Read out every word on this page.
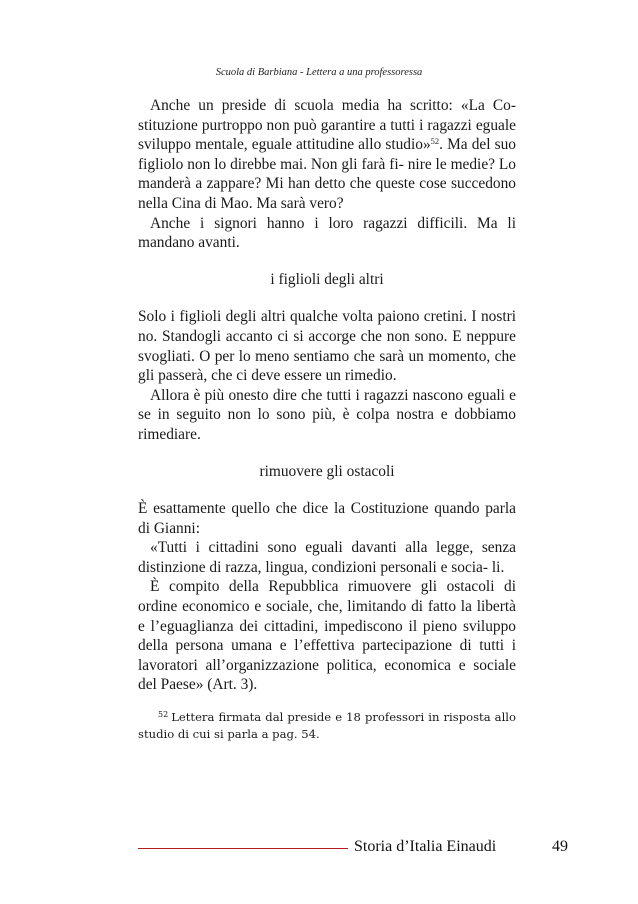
Scuola di Barbiana - Lettera a una professoressa
Anche un preside di scuola media ha scritto: «La Co- stituzione purtroppo non può garantire a tutti i ragazzi eguale sviluppo mentale, eguale attitudine allo studio»$^{52}$. Ma del suo figliolo non lo direbbe mai. Non gli farà fi- nire le medie? Lo manderà a zappare? Mi han detto che queste cose succedono nella Cina di Mao. Ma sarà vero?
Anche i signori hanno i loro ragazzi difficili. Ma li mandano avanti.
i figlioli degli altri
Solo i figlioli degli altri qualche volta paiono cretini. I nostri no. Standogli accanto ci si accorge che non sono. E neppure svogliati. O per lo meno sentiamo che sarà un momento, che gli passerà, che ci deve essere un rimedio.
Allora è più onesto dire che tutti i ragazzi nascono eguali e se in seguito non lo sono più, è colpa nostra e dobbiamo rimediare.
rimuovere gli ostacoli
È esattamente quello che dice la Costituzione quando parla di Gianni:
«Tutti i cittadini sono eguali davanti alla legge, senza distinzione di razza, lingua, condizioni personali e socia- li.
È compito della Repubblica rimuovere gli ostacoli di ordine economico e sociale, che, limitando di fatto la libertà e l’eguaglianza dei cittadini, impediscono il pieno sviluppo della persona umana e l’effettiva partecipazione di tutti i lavoratori all’organizzazione politica, economica e sociale del Paese» (Art. 3).
$^{52}$ Lettera firmata dal preside e 18 professori in risposta allo studio di cui si parla a pag. 54.
Storia d’Italia Einaudi	49
